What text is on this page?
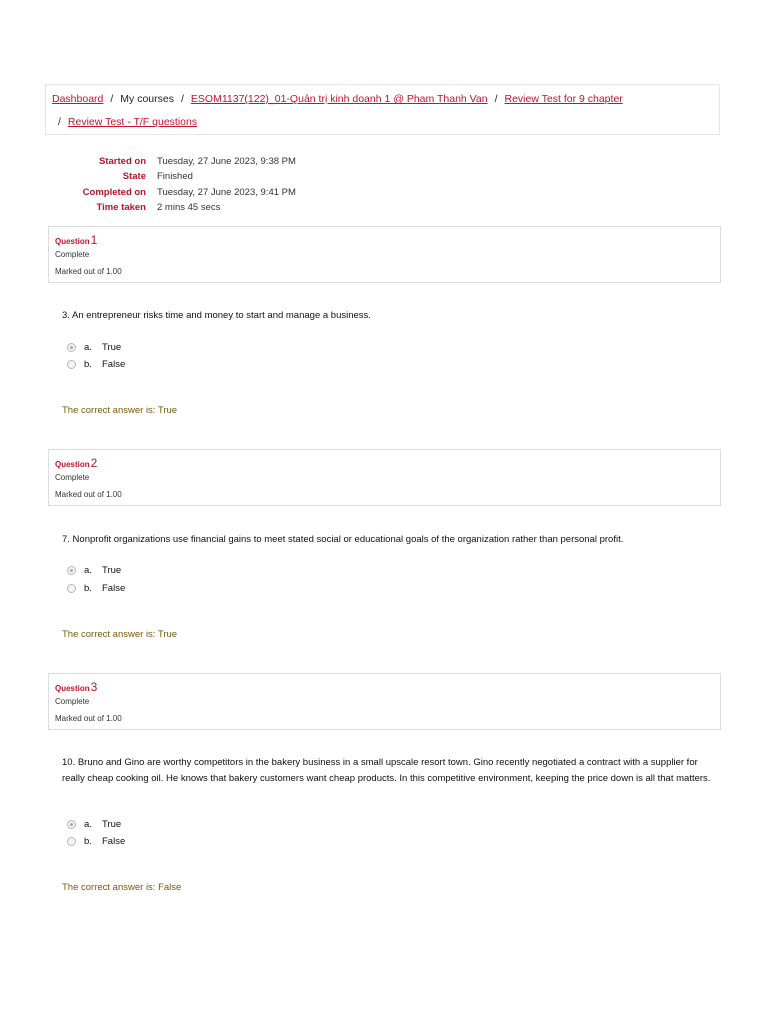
Dashboard / My courses / ESOM1137(122)_01-Quản trị kinh doanh 1 @ Pham Thanh Van / Review Test for 9 chapter
/ Review Test - T/F questions
Started on Tuesday, 27 June 2023, 9:38 PM
State Finished
Completed on Tuesday, 27 June 2023, 9:41 PM
Time taken 2 mins 45 secs
Question1
Complete
Marked out of 1.00
3. An entrepreneur risks time and money to start and manage a business.
a.	True
b.	False
The correct answer is: True
Question2
Complete
Marked out of 1.00
7. Nonprofit organizations use financial gains to meet stated social or educational goals of the organization rather than personal profit.
a.	True
b.	False
The correct answer is: True
Question3
Complete
Marked out of 1.00
10. Bruno and Gino are worthy competitors in the bakery business in a small upscale resort town. Gino recently negotiated a contract with a supplier for really cheap cooking oil. He knows that bakery customers want cheap products. In this competitive environment, keeping the price down is all that matters.
a.	True
b.	False
The correct answer is: False
